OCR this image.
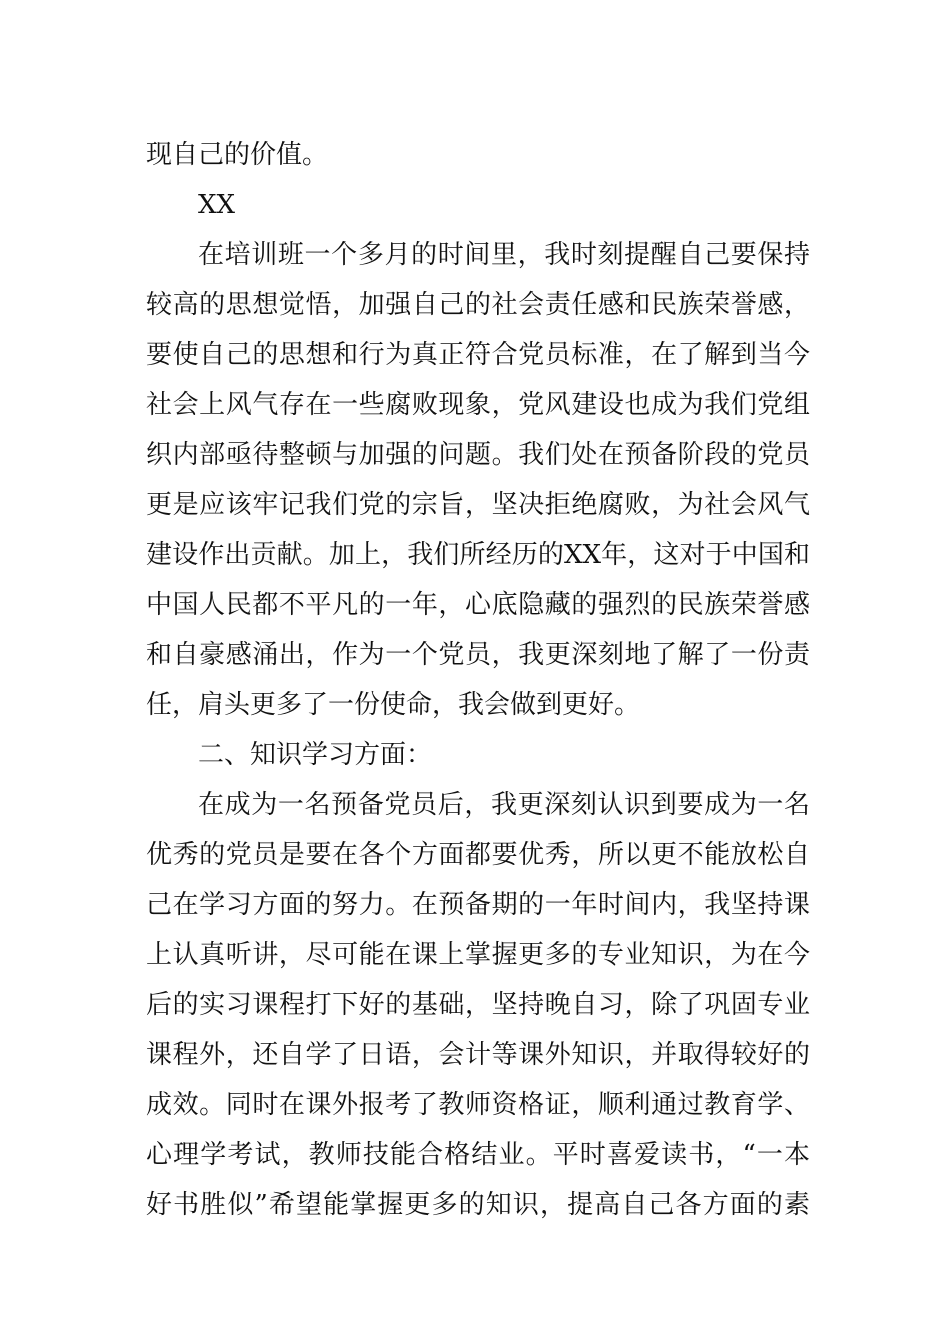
现自己的价值。
XX
在培训班一个多月的时间里，我时刻提醒自己要保持
较高的思想觉悟，加强自己的社会责任感和民族荣誉感，
要使自己的思想和行为真正符合党员标准，在了解到当今
社会上风气存在一些腐败现象，党风建设也成为我们党组
织内部亟待整顿与加强的问题。我们处在预备阶段的党员
更是应该牢记我们党的宗旨，坚决拒绝腐败，为社会风气
建设作出贡献。加上，我们所经历的XX年，这对于中国和
中国人民都不平凡的一年，心底隐藏的强烈的民族荣誉感
和自豪感涌出，作为一个党员，我更深刻地了解了一份责
任，肩头更多了一份使命，我会做到更好。
二、知识学习方面：
在成为一名预备党员后，我更深刻认识到要成为一名
优秀的党员是要在各个方面都要优秀，所以更不能放松自
己在学习方面的努力。在预备期的一年时间内，我坚持课
上认真听讲，尽可能在课上掌握更多的专业知识，为在今
后的实习课程打下好的基础，坚持晚自习，除了巩固专业
课程外，还自学了日语，会计等课外知识，并取得较好的
成效。同时在课外报考了教师资格证，顺利通过教育学、
心理学考试，教师技能合格结业。平时喜爱读书，“一本
好书胜似”希望能掌握更多的知识，提高自己各方面的素
